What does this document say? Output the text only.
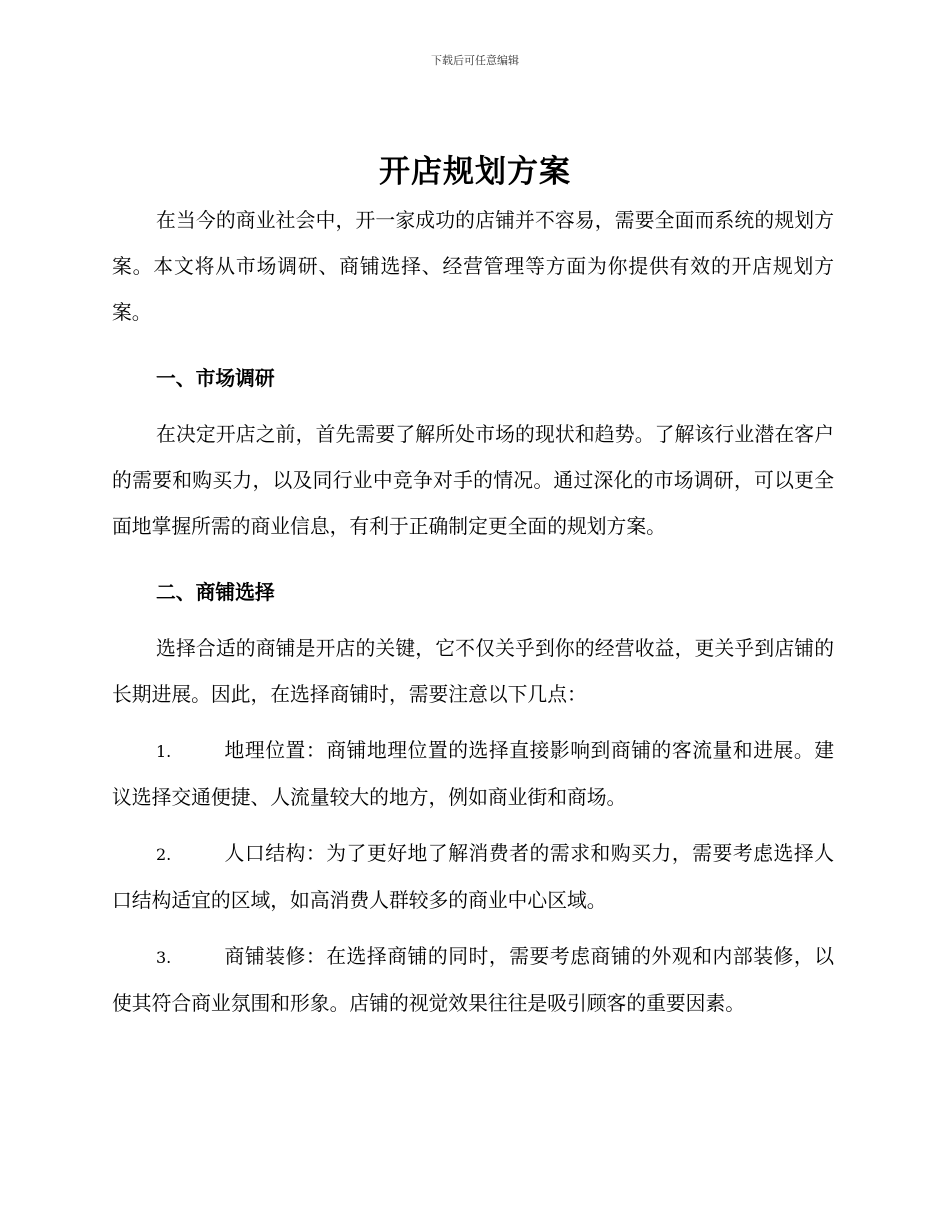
下载后可任意编辑
开店规划方案

在当今的商业社会中，开一家成功的店铺并不容易，需要全面而系统的规划方案。本文将从市场调研、商铺选择、经营管理等方面为你提供有效的开店规划方案。

一、市场调研

在决定开店之前，首先需要了解所处市场的现状和趋势。了解该行业潜在客户的需要和购买力，以及同行业中竞争对手的情况。通过深化的市场调研，可以更全面地掌握所需的商业信息，有利于正确制定更全面的规划方案。

二、商铺选择

选择合适的商铺是开店的关键，它不仅关乎到你的经营收益，更关乎到店铺的长期进展。因此，在选择商铺时，需要注意以下几点：

1.	地理位置：商铺地理位置的选择直接影响到商铺的客流量和进展。建议选择交通便捷、人流量较大的地方，例如商业街和商场。

2.	人口结构：为了更好地了解消费者的需求和购买力，需要考虑选择人口结构适宜的区域，如高消费人群较多的商业中心区域。

3.	商铺装修：在选择商铺的同时，需要考虑商铺的外观和内部装修，以使其符合商业氛围和形象。店铺的视觉效果往往是吸引顾客的重要因素。
